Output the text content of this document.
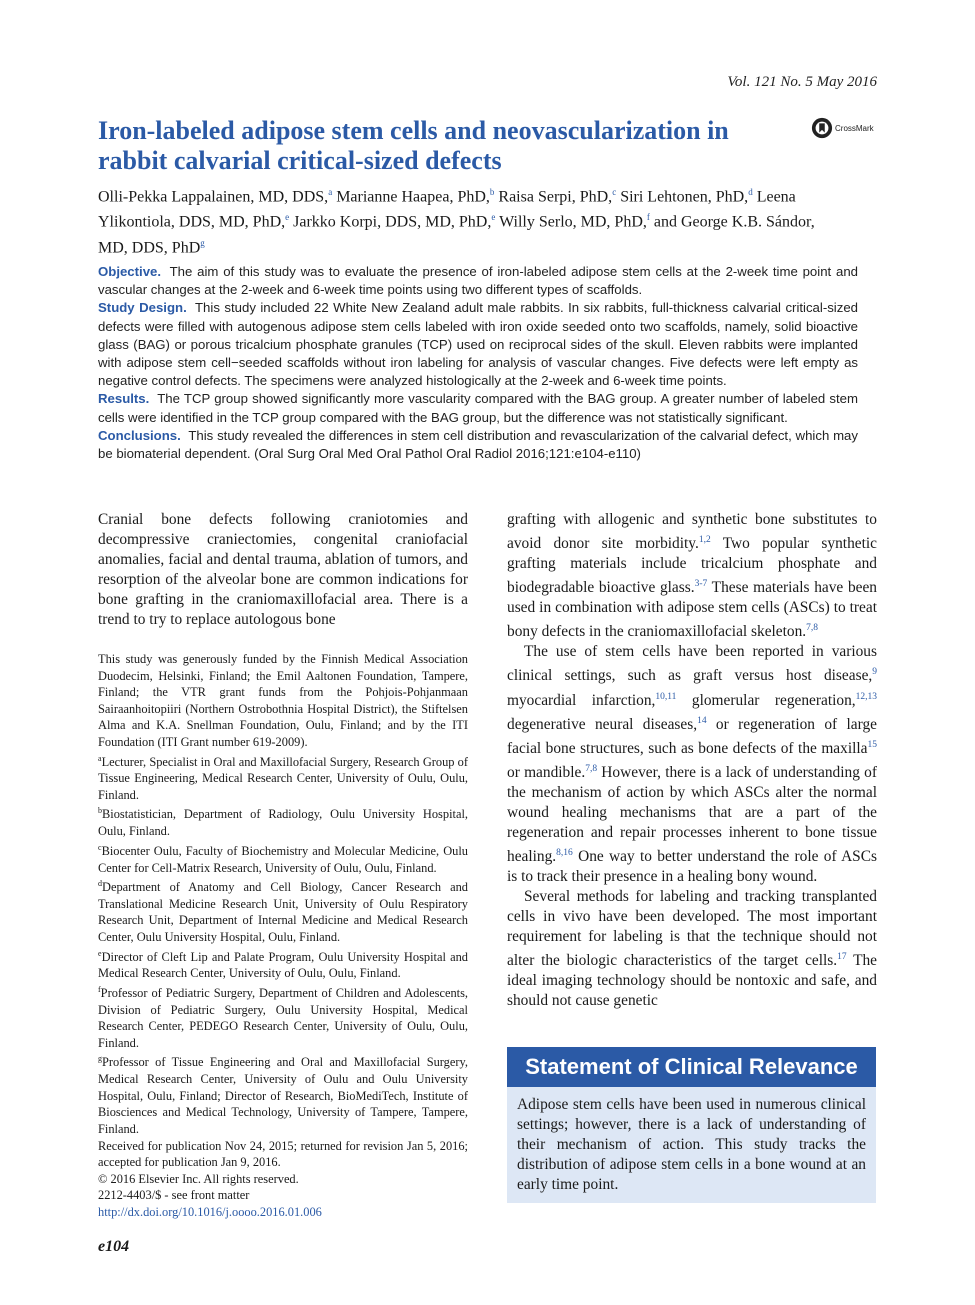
Vol. 121 No. 5 May 2016
Iron-labeled adipose stem cells and neovascularization in rabbit calvarial critical-sized defects
CrossMark

Olli-Pekka Lappalainen, MD, DDS,$^a$ Marianne Haapea, PhD,$^b$ Raisa Serpi, PhD,$^c$ Siri Lehtonen, PhD,$^d$ Leena Ylikontiola, DDS, MD, PhD,$^e$ Jarkko Korpi, DDS, MD, PhD,$^e$ Willy Serlo, MD, PhD,$^f$ and George K.B. Sándor, MD, DDS, PhD$^g$

Objective. The aim of this study was to evaluate the presence of iron-labeled adipose stem cells at the 2-week time point and vascular changes at the 2-week and 6-week time points using two different types of scaffolds.

Study Design. This study included 22 White New Zealand adult male rabbits. In six rabbits, full-thickness calvarial critical-sized defects were filled with autogenous adipose stem cells labeled with iron oxide seeded onto two scaffolds, namely, solid bioactive glass (BAG) or porous tricalcium phosphate granules (TCP) used on reciprocal sides of the skull. Eleven rabbits were implanted with adipose stem cell−seeded scaffolds without iron labeling for analysis of vascular changes. Five defects were left empty as negative control defects. The specimens were analyzed histologically at the 2-week and 6-week time points.

Results. The TCP group showed significantly more vascularity compared with the BAG group. A greater number of labeled stem cells were identified in the TCP group compared with the BAG group, but the difference was not statistically significant.

Conclusions. This study revealed the differences in stem cell distribution and revascularization of the calvarial defect, which may be biomaterial dependent. (Oral Surg Oral Med Oral Pathol Oral Radiol 2016;121:e104-e110)

Cranial bone defects following craniotomies and decompressive craniectomies, congenital craniofacial anomalies, facial and dental trauma, ablation of tumors, and resorption of the alveolar bone are common indications for bone grafting in the craniomaxillofacial area. There is a trend to try to replace autologous bone

This study was generously funded by the Finnish Medical Association Duodecim, Helsinki, Finland; the Emil Aaltonen Foundation, Tampere, Finland; the VTR grant funds from the Pohjois-Pohjanmaan Sairaanhoitopiiri (Northern Ostrobothnia Hospital District), the Stiftelsen Alma and K.A. Snellman Foundation, Oulu, Finland; and by the ITI Foundation (ITI Grant number 619-2009).

$^a$Lecturer, Specialist in Oral and Maxillofacial Surgery, Research Group of Tissue Engineering, Medical Research Center, University of Oulu, Oulu, Finland.

$^b$Biostatistician, Department of Radiology, Oulu University Hospital, Oulu, Finland.

$^c$Biocenter Oulu, Faculty of Biochemistry and Molecular Medicine, Oulu Center for Cell-Matrix Research, University of Oulu, Oulu, Finland.

$^d$Department of Anatomy and Cell Biology, Cancer Research and Translational Medicine Research Unit, University of Oulu Respiratory Research Unit, Department of Internal Medicine and Medical Research Center, Oulu University Hospital, Oulu, Finland.

$^e$Director of Cleft Lip and Palate Program, Oulu University Hospital and Medical Research Center, University of Oulu, Oulu, Finland.

$^f$Professor of Pediatric Surgery, Department of Children and Adolescents, Division of Pediatric Surgery, Oulu University Hospital, Medical Research Center, PEDEGO Research Center, University of Oulu, Oulu, Finland.

$^g$Professor of Tissue Engineering and Oral and Maxillofacial Surgery, Medical Research Center, University of Oulu and Oulu University Hospital, Oulu, Finland; Director of Research, BioMediTech, Institute of Biosciences and Medical Technology, University of Tampere, Tampere, Finland.

Received for publication Nov 24, 2015; returned for revision Jan 5, 2016; accepted for publication Jan 9, 2016.

© 2016 Elsevier Inc. All rights reserved.

2212-4403/$ - see front matter

http://dx.doi.org/10.1016/j.oooo.2016.01.006

grafting with allogenic and synthetic bone substitutes to avoid donor site morbidity.$^{1,2}$ Two popular synthetic grafting materials include tricalcium phosphate and biodegradable bioactive glass.$^{3-7}$ These materials have been used in combination with adipose stem cells (ASCs) to treat bony defects in the craniomaxillofacial skeleton.$^{7,8}$

The use of stem cells have been reported in various clinical settings, such as graft versus host disease,$^9$ myocardial infarction,$^{10,11}$ glomerular regeneration,$^{12,13}$ degenerative neural diseases,$^{14}$ or regeneration of large facial bone structures, such as bone defects of the maxilla$^{15}$ or mandible.$^{7,8}$ However, there is a lack of understanding of the mechanism of action by which ASCs alter the normal wound healing mechanisms that are a part of the regeneration and repair processes inherent to bone tissue healing.$^{8,16}$ One way to better understand the role of ASCs is to track their presence in a healing bony wound.

Several methods for labeling and tracking transplanted cells in vivo have been developed. The most important requirement for labeling is that the technique should not alter the biologic characteristics of the target cells.$^{17}$ The ideal imaging technology should be nontoxic and safe, and should not cause genetic

Statement of Clinical Relevance
Adipose stem cells have been used in numerous clinical settings; however, there is a lack of understanding of their mechanism of action. This study tracks the distribution of adipose stem cells in a bone wound at an early time point.
e104
